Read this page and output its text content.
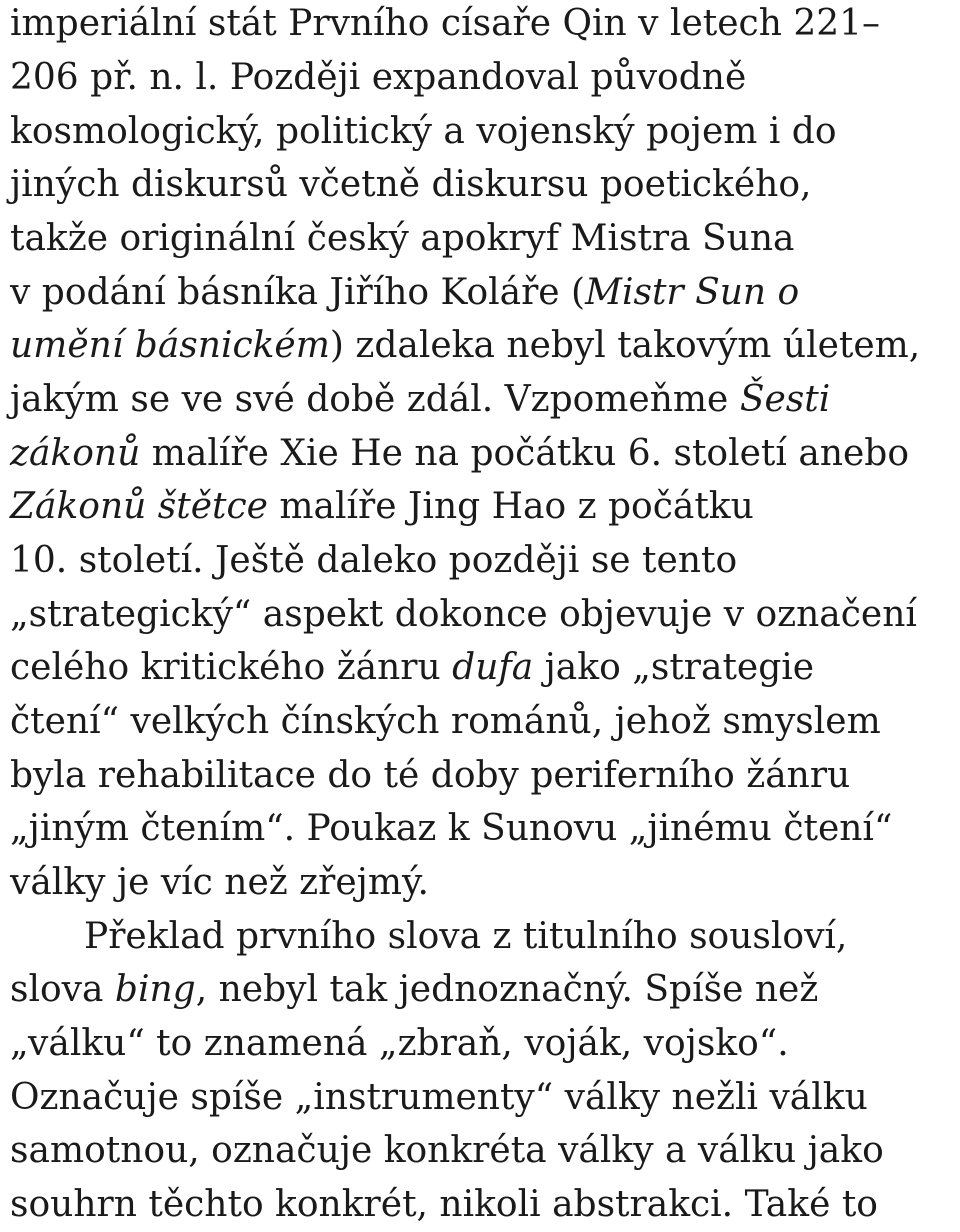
imperiální stát Prvního císaře Qin v letech 221–
206 př. n. l. Později expandoval původně
kosmologický, politický a vojenský pojem i do
jiných diskursů včetně diskursu poetického,
takže originální český apokryf Mistra Suna
v podání básníka Jiřího Koláře (Mistr Sun o
umění básnickém) zdaleka nebyl takovým úletem,
jakým se ve své době zdál. Vzpomeňme Šesti
zákonů malíře Xie He na počátku 6. století anebo
Zákonů štětce malíře Jing Hao z počátku
10. století. Ještě daleko později se tento
„strategický“ aspekt dokonce objevuje v označení
celého kritického žánru dufa jako „strategie
čtení“ velkých čínských románů, jehož smyslem
byla rehabilitace do té doby periferního žánru
„jiným čtením“. Poukaz k Sunovu „jinému čtení“
války je víc než zřejmý.
Překlad prvního slova z titulního sousloví,
slova bing, nebyl tak jednoznačný. Spíše než
„válku“ to znamená „zbraň, voják, vojsko“.
Označuje spíše „instrumenty“ války nežli válku
samotnou, označuje konkréta války a válku jako
souhrn těchto konkrét, nikoli abstrakci. Také to
